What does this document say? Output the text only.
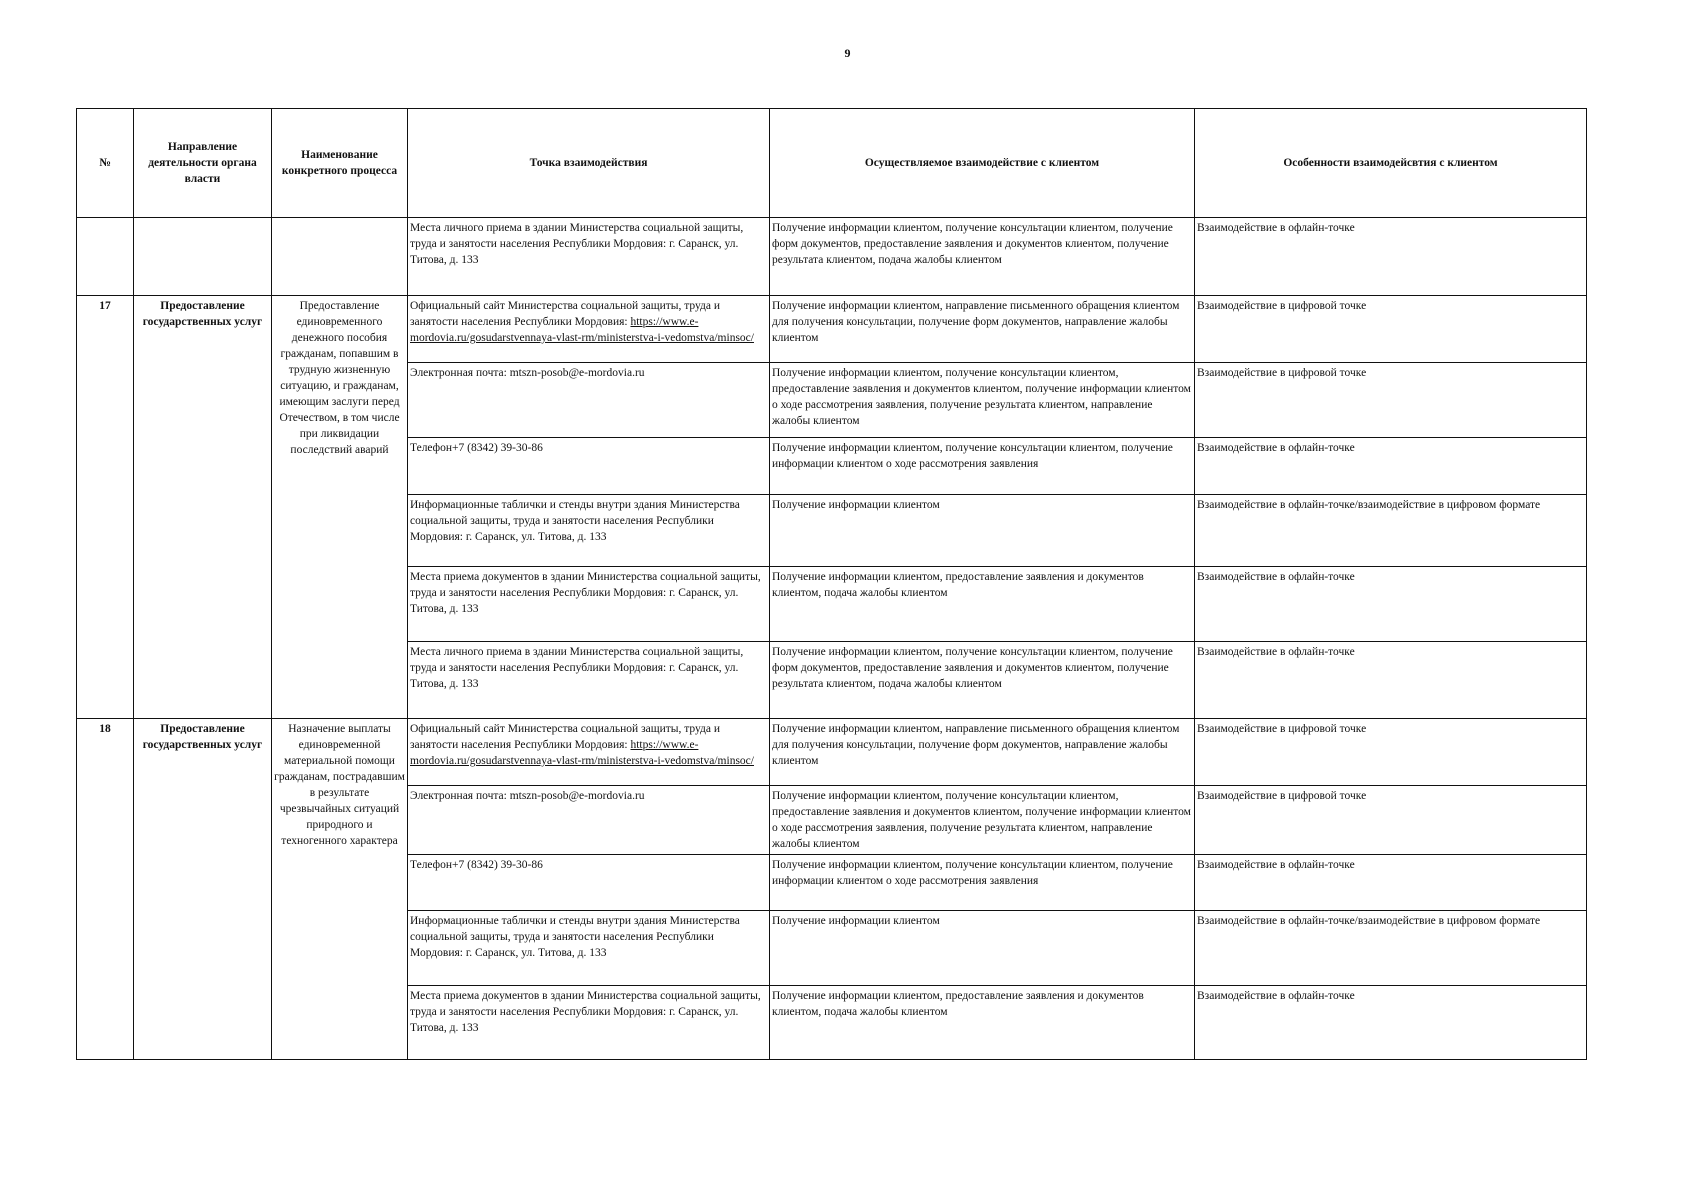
9
№	Направление деятельности органа власти	Наименование конкретного процесса	Точка взаимодействия	Осуществляемое взаимодействие с клиентом	Особенности взаимодейсвтия с клиентом
			Места личного приема в здании Министерства социальной защиты, труда и занятости населения Республики Мордовия: г. Саранск, ул. Титова, д. 133	Получение информации клиентом, получение консультации клиентом, получение форм документов, предоставление заявления и документов клиентом, получение результата клиентом, подача жалобы клиентом	Взаимодействие в офлайн-точке
17	Предоставление государственных услуг	Предоставление единовременного денежного пособия гражданам, попавшим в трудную жизненную ситуацию, и гражданам, имеющим заслуги перед Отечеством, в том числе при ликвидации последствий аварий	Официальный сайт Министерства социальной защиты, труда и занятости населения Республики Мордовия: https://www.e-mordovia.ru/gosudarstvennaya-vlast-rm/ministerstva-i-vedomstva/minsoc/	Получение информации клиентом, направление письменного обращения клиентом для получения консультации, получение форм документов, направление жалобы клиентом	Взаимодействие в цифровой точке
			Электронная почта: mtszn-posob@e-mordovia.ru	Получение информации клиентом, получение консультации клиентом, предоставление заявления и документов клиентом, получение информации клиентом о ходе рассмотрения заявления, получение результата клиентом, направление жалобы клиентом	Взаимодействие в цифровой точке
			Телефон+7 (8342) 39-30-86	Получение информации клиентом, получение консультации клиентом, получение информации клиентом о ходе рассмотрения заявления	Взаимодействие в офлайн-точке
			Информационные таблички и стенды внутри здания Министерства социальной защиты, труда и занятости населения Республики Мордовия: г. Саранск, ул. Титова, д. 133	Получение информации клиентом	Взаимодействие в офлайн-точке/взаимодействие в цифровом формате
			Места приема документов в здании Министерства социальной защиты, труда и занятости населения Республики Мордовия: г. Саранск, ул. Титова, д. 133	Получение информации клиентом, предоставление заявления и документов клиентом, подача жалобы клиентом	Взаимодействие в офлайн-точке
			Места личного приема в здании Министерства социальной защиты, труда и занятости населения Республики Мордовия: г. Саранск, ул. Титова, д. 133	Получение информации клиентом, получение консультации клиентом, получение форм документов, предоставление заявления и документов клиентом, получение результата клиентом, подача жалобы клиентом	Взаимодействие в офлайн-точке
18	Предоставление государственных услуг	Назначение выплаты единовременной материальной помощи гражданам, пострадавшим в результате чрезвычайных ситуаций природного и техногенного характера	Официальный сайт Министерства социальной защиты, труда и занятости населения Республики Мордовия: https://www.e-mordovia.ru/gosudarstvennaya-vlast-rm/ministerstva-i-vedomstva/minsoc/	Получение информации клиентом, направление письменного обращения клиентом для получения консультации, получение форм документов, направление жалобы клиентом	Взаимодействие в цифровой точке
			Электронная почта: mtszn-posob@e-mordovia.ru	Получение информации клиентом, получение консультации клиентом, предоставление заявления и документов клиентом, получение информации клиентом о ходе рассмотрения заявления, получение результата клиентом, направление жалобы клиентом	Взаимодействие в цифровой точке
			Телефон+7 (8342) 39-30-86	Получение информации клиентом, получение консультации клиентом, получение информации клиентом о ходе рассмотрения заявления	Взаимодействие в офлайн-точке
			Информационные таблички и стенды внутри здания Министерства социальной защиты, труда и занятости населения Республики Мордовия: г. Саранск, ул. Титова, д. 133	Получение информации клиентом	Взаимодействие в офлайн-точке/взаимодействие в цифровом формате
			Места приема документов в здании Министерства социальной защиты, труда и занятости населения Республики Мордовия: г. Саранск, ул. Титова, д. 133	Получение информации клиентом, предоставление заявления и документов клиентом, подача жалобы клиентом	Взаимодействие в офлайн-точке
